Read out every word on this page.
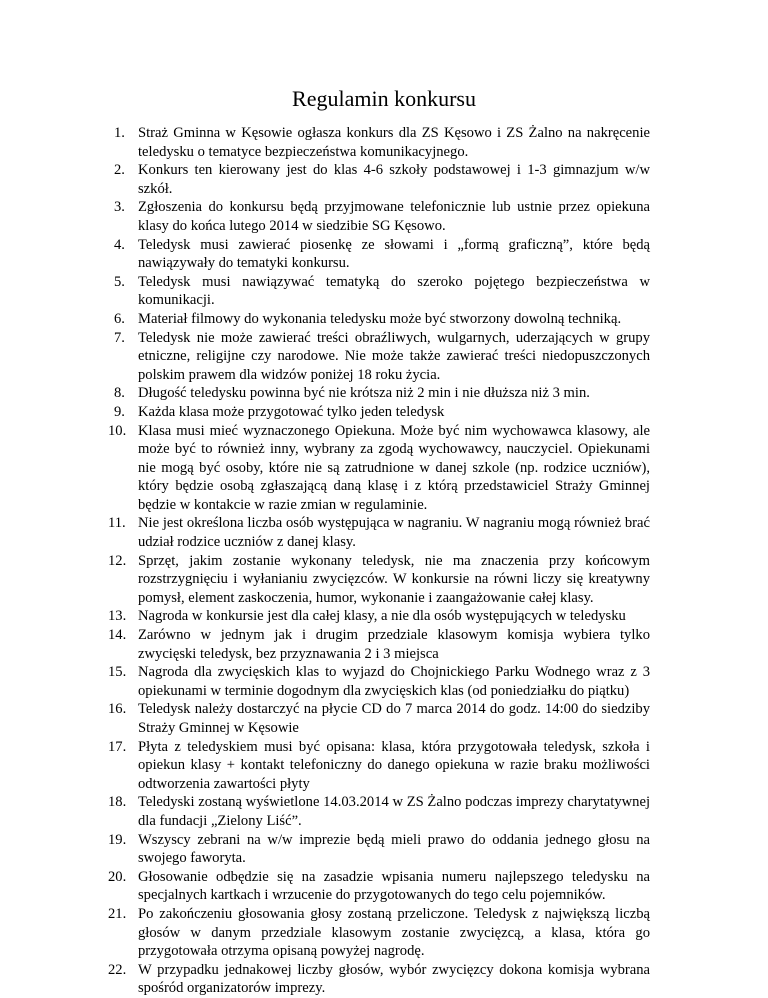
Regulamin konkursu
1. Straż Gminna w Kęsowie ogłasza konkurs dla ZS Kęsowo i ZS Żalno na nakręcenie teledysku o tematyce bezpieczeństwa komunikacyjnego.
2. Konkurs ten kierowany jest do klas 4-6 szkoły podstawowej i 1-3 gimnazjum w/w szkół.
3. Zgłoszenia do konkursu będą przyjmowane telefonicznie lub ustnie przez opiekuna klasy do końca lutego 2014 w siedzibie SG Kęsowo.
4. Teledysk musi zawierać piosenkę ze słowami i „formą graficzną”, które będą nawiązywały do tematyki konkursu.
5. Teledysk musi nawiązywać tematyką do szeroko pojętego bezpieczeństwa w komunikacji.
6. Materiał filmowy do wykonania teledysku może być stworzony dowolną techniką.
7. Teledysk nie może zawierać treści obraźliwych, wulgarnych, uderzających w grupy etniczne, religijne czy narodowe. Nie może także zawierać treści niedopuszczonych polskim prawem dla widzów poniżej 18 roku życia.
8. Długość teledysku powinna być nie krótsza niż 2 min i nie dłuższa niż 3 min.
9. Każda klasa może przygotować tylko jeden teledysk
10. Klasa musi mieć wyznaczonego Opiekuna. Może być nim wychowawca klasowy, ale może być to również inny, wybrany za zgodą wychowawcy, nauczyciel. Opiekunami nie mogą być osoby, które nie są zatrudnione w danej szkole (np. rodzice uczniów), który będzie osobą zgłaszającą daną klasę i z którą przedstawiciel Straży Gminnej będzie w kontakcie w razie zmian w regulaminie.
11. Nie jest określona liczba osób występująca w nagraniu. W nagraniu mogą również brać udział rodzice uczniów z danej klasy.
12. Sprzęt, jakim zostanie wykonany teledysk, nie ma znaczenia przy końcowym rozstrzygnięciu i wyłanianiu zwycięzców. W konkursie na równi liczy się kreatywny pomysł, element zaskoczenia, humor, wykonanie i zaangażowanie całej klasy.
13. Nagroda w konkursie jest dla całej klasy, a nie dla osób występujących w teledysku
14. Zarówno w jednym jak i drugim przedziale klasowym komisja wybiera tylko zwycięski teledysk, bez przyznawania 2 i 3 miejsca
15. Nagroda dla zwycięskich klas to wyjazd do Chojnickiego Parku Wodnego wraz z 3 opiekunami w terminie dogodnym dla zwycięskich klas (od poniedziałku do piątku)
16. Teledysk należy dostarczyć na płycie CD do 7 marca 2014 do godz. 14:00 do siedziby Straży Gminnej w Kęsowie
17. Płyta z teledyskiem musi być opisana: klasa, która przygotowała teledysk, szkoła i opiekun klasy + kontakt telefoniczny do danego opiekuna w razie braku możliwości odtworzenia zawartości płyty
18. Teledyski zostaną wyświetlone 14.03.2014 w ZS Żalno podczas imprezy charytatywnej dla fundacji „Zielony Liść”.
19. Wszyscy zebrani na w/w imprezie będą mieli prawo do oddania jednego głosu na swojego faworyta.
20. Głosowanie odbędzie się na zasadzie wpisania numeru najlepszego teledysku na specjalnych kartkach i wrzucenie do przygotowanych do tego celu pojemników.
21. Po zakończeniu głosowania głosy zostaną przeliczone. Teledysk z największą liczbą głosów w danym przedziale klasowym zostanie zwycięzcą, a klasa, która go przygotowała otrzyma opisaną powyżej nagrodę.
22. W przypadku jednakowej liczby głosów, wybór zwycięzcy dokona komisja wybrana spośród organizatorów imprezy.
